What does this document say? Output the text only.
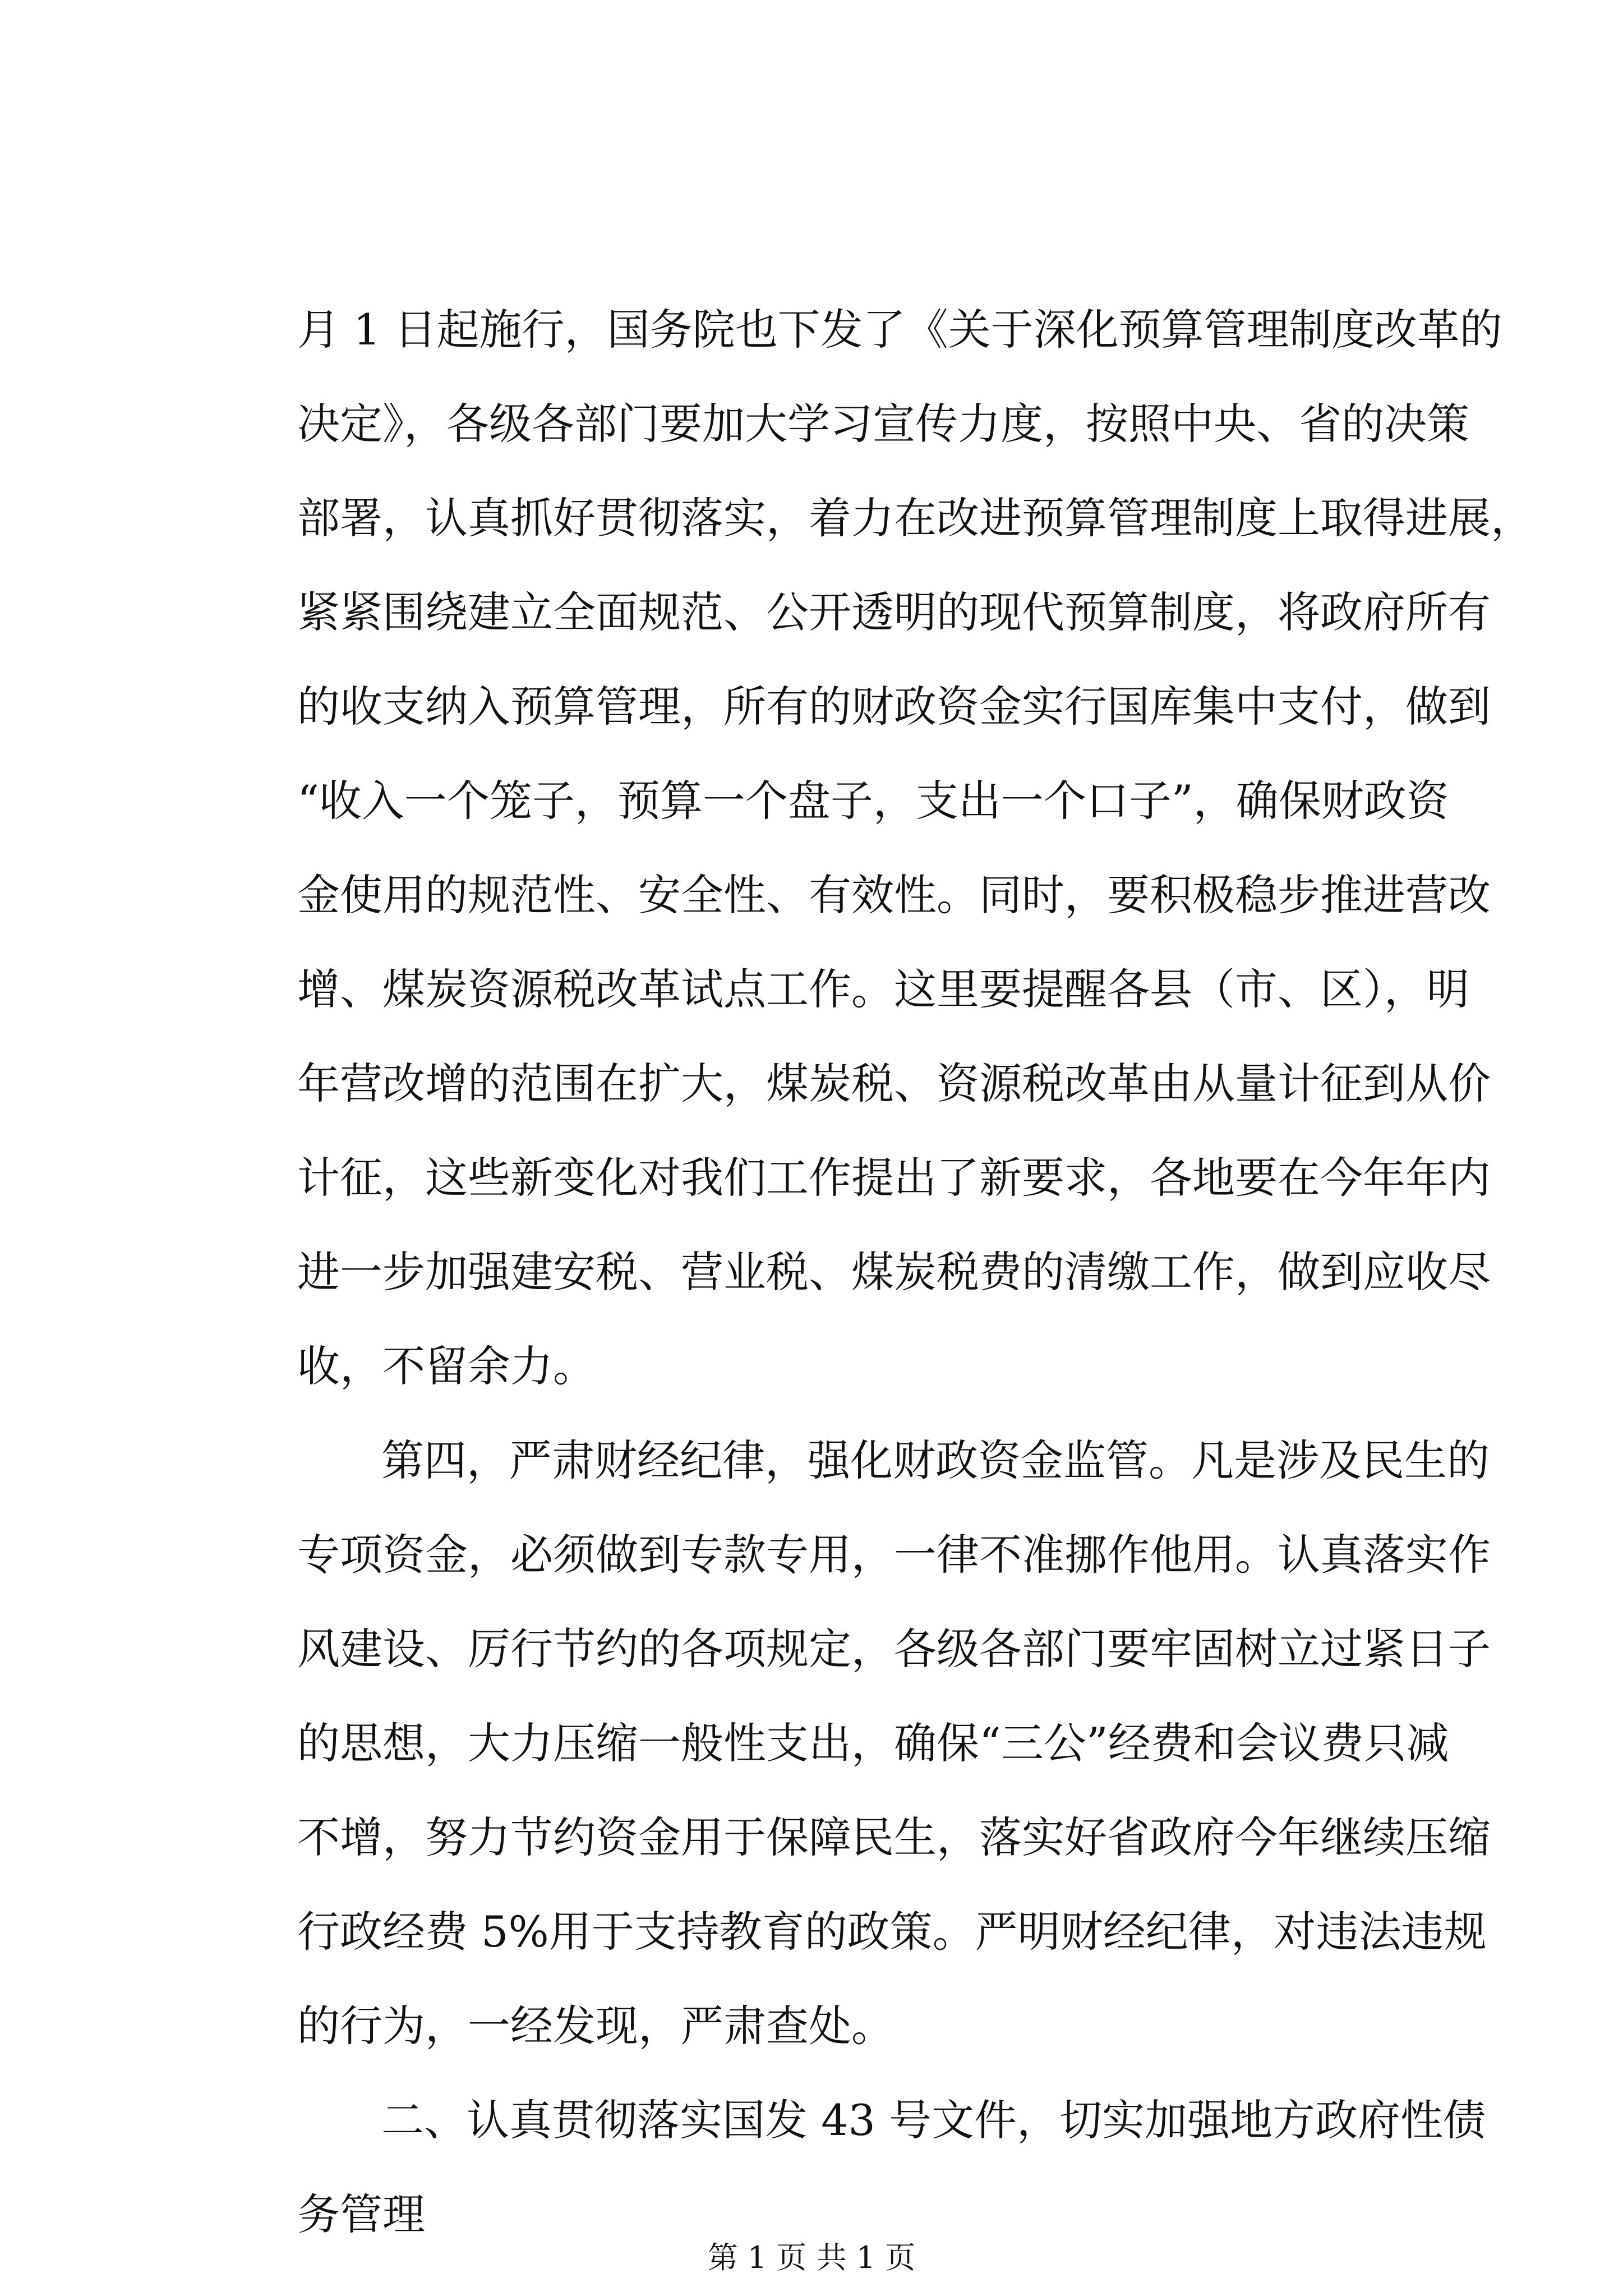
月 1 日起施行，国务院也下发了《关于深化预算管理制度改革的
决定》，各级各部门要加大学习宣传力度，按照中央、省的决策
部署，认真抓好贯彻落实，着力在改进预算管理制度上取得进展，
紧紧围绕建立全面规范、公开透明的现代预算制度，将政府所有
的收支纳入预算管理，所有的财政资金实行国库集中支付，做到
“收入一个笼子，预算一个盘子，支出一个口子”，确保财政资
金使用的规范性、安全性、有效性。同时，要积极稳步推进营改
增、煤炭资源税改革试点工作。这里要提醒各县（市、区），明
年营改增的范围在扩大，煤炭税、资源税改革由从量计征到从价
计征，这些新变化对我们工作提出了新要求，各地要在今年年内
进一步加强建安税、营业税、煤炭税费的清缴工作，做到应收尽
收，不留余力。
第四，严肃财经纪律，强化财政资金监管。凡是涉及民生的
专项资金，必须做到专款专用，一律不准挪作他用。认真落实作
风建设、厉行节约的各项规定，各级各部门要牢固树立过紧日子
的思想，大力压缩一般性支出，确保“三公”经费和会议费只减
不增，努力节约资金用于保障民生，落实好省政府今年继续压缩
行政经费 5%用于支持教育的政策。严明财经纪律，对违法违规
的行为，一经发现，严肃查处。
二、认真贯彻落实国发 43 号文件，切实加强地方政府性债
务管理
第 1 页 共 1 页
